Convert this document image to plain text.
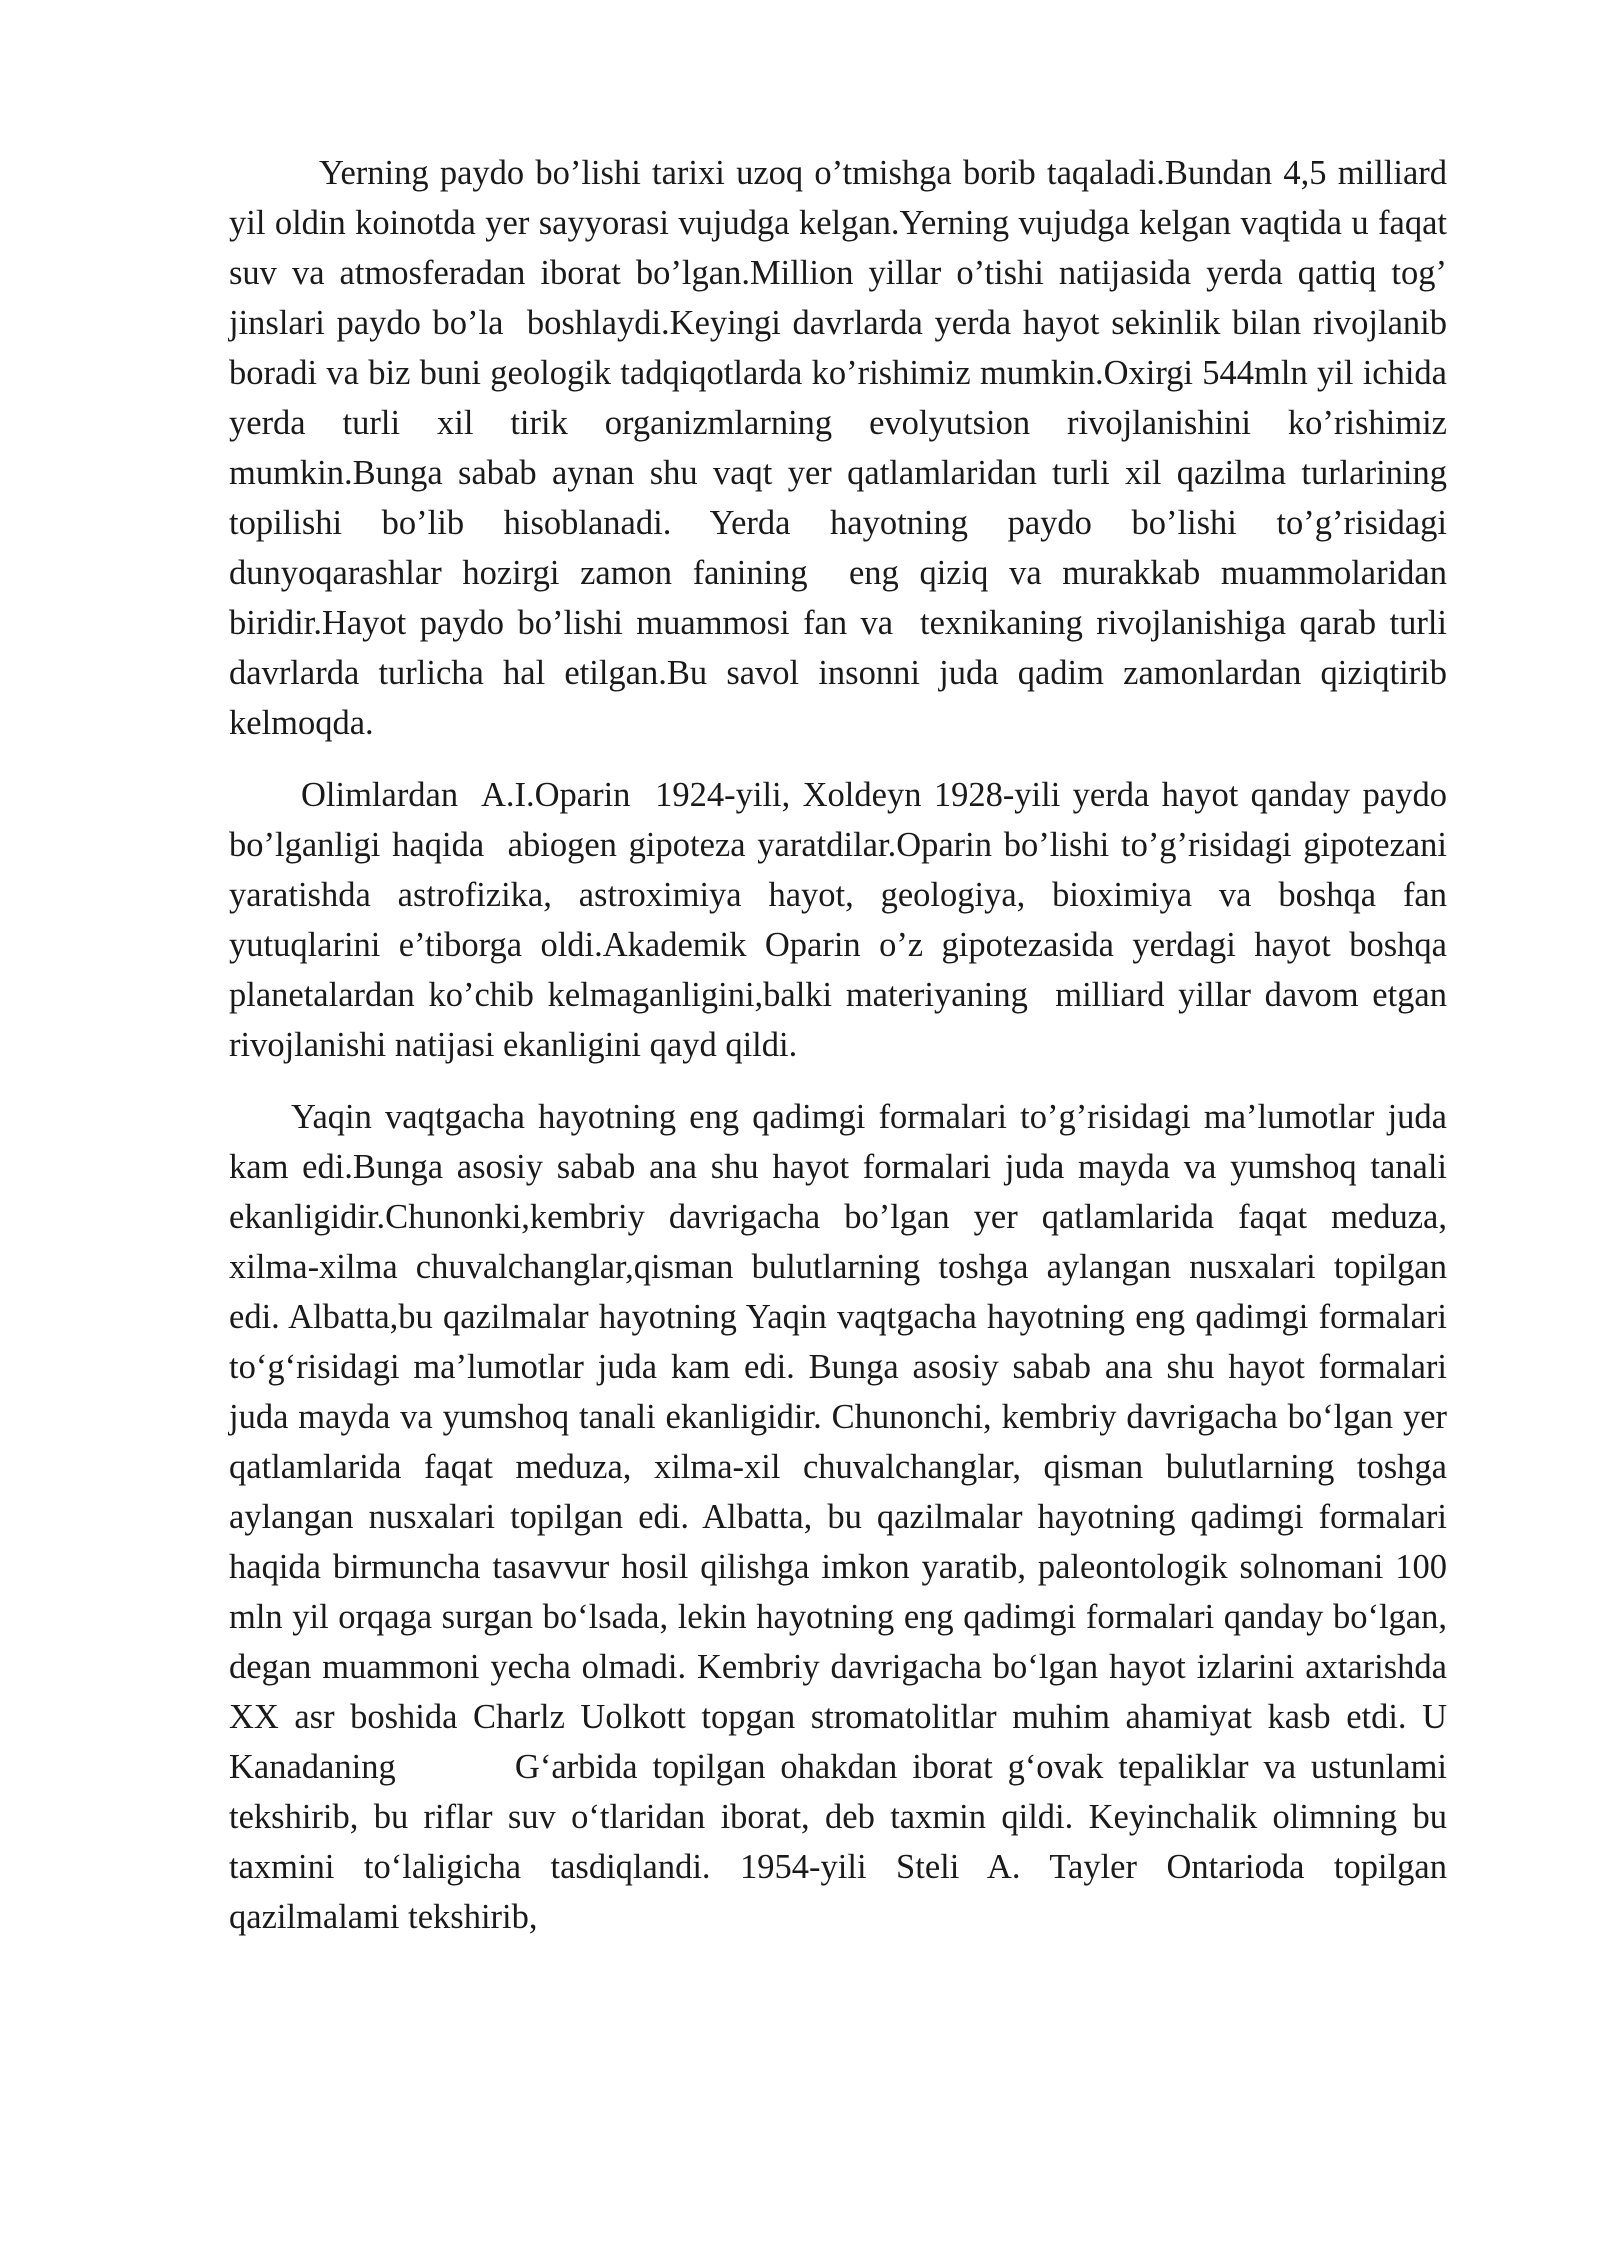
Yerning paydo bo’lishi tarixi uzoq o’tmishga borib taqaladi.Bundan 4,5 milliard  yil oldin koinotda yer sayyorasi vujudga kelgan.Yerning vujudga kelgan vaqtida u faqat suv va atmosferadan iborat bo’lgan.Million yillar o’tishi natijasida yerda qattiq tog’ jinslari paydo bo’la  boshlaydi.Keyingi davrlarda yerda hayot sekinlik bilan rivojlanib boradi va biz buni geologik tadqiqotlarda ko’rishimiz mumkin.Oxirgi 544mln yil ichida yerda turli xil tirik organizmlarning evolyutsion rivojlanishini ko’rishimiz mumkin.Bunga sabab aynan shu vaqt yer qatlamlaridan turli xil qazilma turlarining topilishi bo’lib hisoblanadi. Yerda hayotning paydo bo’lishi to’g’risidagi dunyoqarashlar hozirgi zamon fanining  eng qiziq va murakkab muammolaridan biridir.Hayot paydo bo’lishi muammosi fan va  texnikaning rivojlanishiga qarab turli davrlarda turlicha hal etilgan.Bu savol insonni juda qadim zamonlardan qiziqtirib kelmoqda.

Olimlardan  A.I.Oparin  1924-yili, Xoldeyn 1928-yili yerda hayot qanday paydo bo’lganligi haqida  abiogen gipoteza yaratdilar.Oparin bo’lishi to’g’risidagi gipotezani yaratishda astrofizika, astroximiya hayot, geologiya, bioximiya va boshqa fan yutuqlarini e’tiborga oldi.Akademik Oparin o’z gipotezasida yerdagi hayot boshqa planetalardan ko’chib kelmaganligini,balki materiyaning  milliard yillar davom etgan rivojlanishi natijasi ekanligini qayd qildi.

Yaqin vaqtgacha hayotning eng qadimgi formalari to’g’risidagi ma’lumotlar juda kam edi.Bunga asosiy sabab ana shu hayot formalari juda mayda va yumshoq tanali ekanligidir.Chunonki,kembriy davrigacha bo’lgan yer qatlamlarida faqat meduza, xilma-xilma chuvalchanglar,qisman bulutlarning toshga aylangan nusxalari topilgan edi. Albatta,bu qazilmalar hayotning Yaqin vaqtgacha hayotning eng qadimgi formalari to‘g‘risidagi ma’lumotlar juda kam edi. Bunga asosiy sabab ana shu hayot formalari juda mayda va yumshoq tanali ekanligidir. Chunonchi, kembriy davrigacha bo‘lgan yer qatlamlarida faqat meduza, xilma-xil chuvalchanglar, qisman bulutlarning toshga aylangan nusxalari topilgan edi. Albatta, bu qazilmalar hayotning qadimgi formalari haqida birmuncha tasavvur hosil qilishga imkon yaratib, paleontologik solnomani 100 mln yil orqaga surgan bo‘lsada, lekin hayotning eng qadimgi formalari qanday bo‘lgan, degan muammoni yecha olmadi. Kembriy davrigacha bo‘lgan hayot izlarini axtarishda XX asr boshida Charlz Uolkott topgan stromatolitlar muhim ahamiyat kasb etdi. U Kanadaning        G‘arbida topilgan ohakdan iborat g‘ovak tepaliklar va ustunlami tekshirib, bu riflar suv o‘tlaridan iborat, deb taxmin qildi. Keyinchalik olimning bu taxmini to‘laligicha tasdiqlandi. 1954-yili Steli A. Tayler Ontarioda topilgan qazilmalami tekshirib,
